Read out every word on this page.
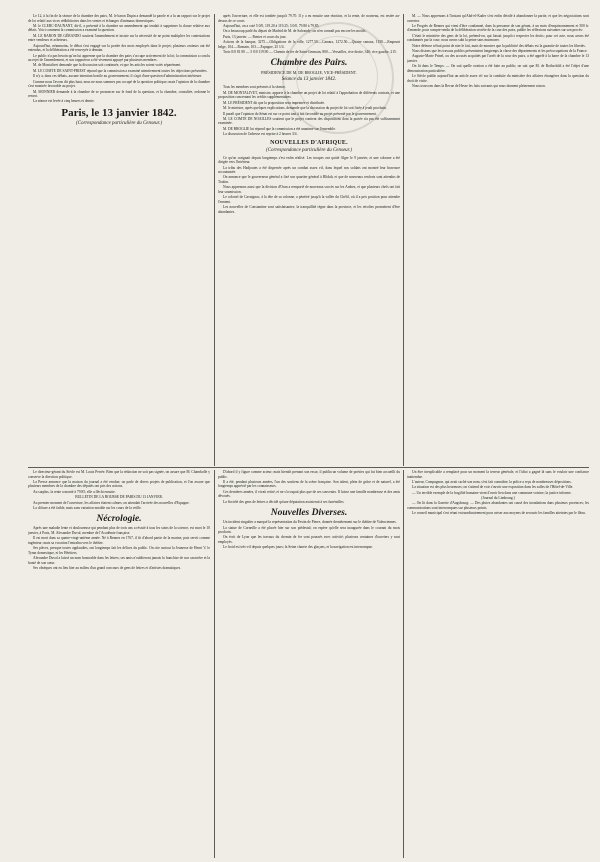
Le 12, à la fin de la séance de la chambre des pairs, M. le baron Dupin a demandé la parole et a lu un rapport sur le projet de loi relatif aux vices rédhibitoires dans les ventes et échanges d'animaux domestiques.

M. le CLERC-DAUNANT, dit-il, a présenté à la chambre un amendement qui tendait à supprimer la clause relative aux délais. Voici comment la commission a examiné la question.

M. LE BARON DE GÉRANDO soutient l'amendement et insiste sur la nécessité de ne point multiplier les contestations entre vendeurs et acheteurs.

Aujourd'hui, néanmoins, le débat s'est engagé sur la portée des mots employés dans le projet; plusieurs orateurs ont été entendus, et la délibération a été renvoyée à demain.

Le public n'a pas besoin qu'on lui apprenne que la chambre des pairs s'occupe activement de la loi; la commission a conclu au rejet de l'amendement, et son rapporteur a été vivement appuyé par plusieurs membres.

M. de Montalivet demande que la discussion soit continuée, et que les articles soient votés séparément.

M. LE COMTE DE SAINT-PRIEST répond que la commission a examiné attentivement toutes les objections présentées.

Il n'y a, dans ces débats, aucune intention hostile au gouvernement; il s'agit d'une question d'administration intérieure.

Comme nous l'avons dit plus haut, nous ne nous sommes pas occupé de la question politique; mais l'opinion de la chambre s'est montrée favorable au projet.

M. MONNIER demande à la chambre de se prononcer sur le fond de la question, et la chambre, consultée, ordonne le renvoi.

La séance est levée à cinq heures et demie.

Paris, le 13 janvier 1842.
(Correspondance particulière du Censeur.)

après l'ouverture, et elle est tombée jusqu'à 79.70. Il y a eu ensuite une réaction, et la rente, de nouveau, est restée au-dessus de ce cours.

Aujourd'hui, on a coté 5 0/0, 119.20 à 119.25; 3 0/0, 79.80 à 79.85.

On a beaucoup parlé du départ de Madrid de M. de Salvandy; on n'en connaît pas encore les motifs.

Paris, 13 janvier. — Rentes et cours du jour.

Actions de la banque, 3275.—Obligations de la ville, 1277.50.—Canaux, 1272.50.—Quatre canaux, 1150.—Emprunt belge, 104.—Romain, 103.—Espagne, 25 1/4.

Trois 0/0 81.90 — 5 0/0 119.90 — Chemin de fer de Saint-Germain, 800.—Versailles, rive droite, 340; rive gauche, 215.

Chambre des Pairs.
PRÉSIDENCE DE M. DE BROGLIE, VICE-PRÉSIDENT.
Séance du 13 janvier 1842.

Tous les membres sont présents à la séance.

M. DE MONTALIVET, ministre, apporte à la chambre un projet de loi relatif à l'approbation de différents contrats, et une proposition concernant les crédits supplémentaires.

M. LE PRÉSIDENT dit que la proposition sera imprimée et distribuée.

M. le ministre, après quelques explications, demande que la discussion du projet de loi soit fixée à jeudi prochain.

Il paraît que l'opinion du Sénat est sur ce point tout à fait favorable au projet présenté par le gouvernement.

M. LE COMTE DE NOAILLES soutient que le projet contient des dispositions dont la portée n'a pas été suffisamment examinée.

M. DE BROGLIE lui répond que la commission a été unanime sur l'ensemble.

La discussion de l'adresse est reprise à 2 heures 3/4.

NOUVELLES D'AFRIQUE.
(Correspondance particulière du Censeur.)

Ce qu'on craignait depuis longtemps s'est enfin réalisé. Les troupes ont quitté Alger le 9 janvier, et une colonne a été dirigée vers l'intérieur.

La tribu des Hadjoutes a été dispersée après un combat assez vif, dans lequel nos soldats ont montré leur bravoure accoutumée.

On annonce que le gouverneur général a fixé son quartier général à Blidah, et que de nouveaux renforts sont attendus de Toulon.

Nous apprenons aussi que la division d'Oran a remporté de nouveaux succès sur les Arabes, et que plusieurs chefs ont fait leur soumission.

Le colonel de Cavaignac, à la tête de sa colonne, a pénétré jusqu'à la vallée du Chélif, où il a pris position pour attendre l'ennemi.

Les nouvelles de Constantine sont satisfaisantes; la tranquillité règne dans la province, et les récoltes promettent d'être abondantes.

M. — Nous apprenons à l'instant qu'Abd-el-Kader s'est enfin décidé à abandonner la partie, et que les négociations sont ouvertes.

Le Progrès de Rennes qui vient d'être condamné, dans la personne de son gérant, à un mois d'emprisonnement et 500 fr. d'amende, pour compte-rendu de la délibération secrète de la cour des pairs, publie les réflexions suivantes sur son procès:

C'était le ministère des gens de la loi, prétend-on, qui faisait jusqu'ici respecter les droits; pour cet acte, nous avons été condamnés par la cour; nous avons subi la peine sans murmurer.

Notre défense n'était point de nier le fait, mais de montrer que la publicité des débats est la garantie de toutes les libertés.

Nous disions que les travaux publics présentaient longtemps la chose des départements et les préoccupations de la France.

Auguste-Marie Prinel, ou des accusés acquittés par l'arrêt de la cour des pairs, a été appelé à la barre de la chambre le 13 janvier.

On lit dans le Temps: — On sait quelle ovation a été faite au public; on sait que M. de Rothschild a été l'objet d'une démonstration particulière.

Le Siècle publie aujourd'hui un article assez vif sur la conduite du ministère des affaires étrangères dans la question du droit de visite.

Nous trouvons dans la Revue de Hesse les faits suivants qui nous donnent pleinement raison.

Le directeur-gérant du Siècle est M. Louis Perrée. Bien que la rédaction ne soit pas signée, on assure que M. Chambolle y conserve la direction politique.

La Presse annonce que la maison du journal a été vendue; on parle de divers projets de publication, et l'on assure que plusieurs membres de la chambre des députés ont pris des actions.

Au surplus, la rente a monté à 79.85; elle a fléchi ensuite.

BULLETIN DE LA BOURSE DE PARIS DU 13 JANVIER.

Au premier moment de l'ouverture, les affaires étaient calmes; on attendait l'arrivée des nouvelles d'Espagne.

La clôture a été faible, mais sans variation notable sur les cours de la veille.

Nécrologie.

Après une maladie lente et douloureuse qui pendant plus de trois ans a résisté à tous les soins de la science, est mort le 10 janvier, à Paris, M. Alexandre Duval, membre de l'Académie française.

Il est mort dans sa quatre-vingt-unième année. Né à Rennes en 1767, il fit d'abord partie de la marine, puis servit comme ingénieur; mais sa vocation l'entraîna vers le théâtre.

Ses pièces, presque toutes applaudies, ont longtemps fait les délices du public. On cite surtout la Jeunesse de Henri V, le Tyran domestique, et les Héritiers.

Alexandre Duval a laissé un nom honorable dans les lettres; ses amis n'oublieront jamais la franchise de son caractère et la bonté de son cœur.

Ses obsèques ont eu lieu hier au milieu d'un grand concours de gens de lettres et d'artistes dramatiques.

D'abord il y figure comme acteur; mais bientôt prenant son essor, il publia un volume de poésies qui fut bien accueilli du public.

Il a été, pendant plusieurs années, l'un des soutiens de la scène française. Son talent, plein de grâce et de naturel, a été longtemps apprécié par les connaisseurs.

Ces dernières années, il vivait retiré, et ne s'occupait plus que de ses souvenirs. Il laisse une famille nombreuse et des amis dévoués.

La Société des gens de lettres a décidé qu'une députation assisterait à ses funérailles.

Nouvelles Diverses.

Un incident singulier a marqué la représentation du Festin de Pierre, donnée dernièrement sur le théâtre de Valenciennes.

La statue de Corneille a été placée hier sur son piédestal; on espère qu'elle sera inaugurée dans le courant du mois prochain.

On écrit de Lyon que les travaux du chemin de fer sont poussés avec activité; plusieurs centaines d'ouvriers y sont employés.

Le froid est très-vif depuis quelques jours; la Seine charrie des glaçons, et la navigation est interrompue.

Un être inexplicable a remplacé pour un moment la terreur générale, et l'idiot a gagné là sans le vouloir une confiance inattendue.

L'auteur, Compagnon, qui avait caché son nom, s'est fait connaître; la police a reçu de nombreuses dépositions.

La situation est des plus heureuses; on s'attend de voir s'ouvrir une exposition dans les salles de l'Hôtel-de-Ville.

— Un terrible exemple de la fragilité humaine vient d'avoir lieu dans une commune voisine; la justice informe.

(Journal du Limbourg.)

— On lit dans la Gazette d'Augsbourg: — Des pluies abondantes ont causé des inondations dans plusieurs provinces; les communications sont interrompues sur plusieurs points.

Le conseil municipal s'est réuni extraordinairement pour aviser aux moyens de secourir les familles atteintes par le fléau.
